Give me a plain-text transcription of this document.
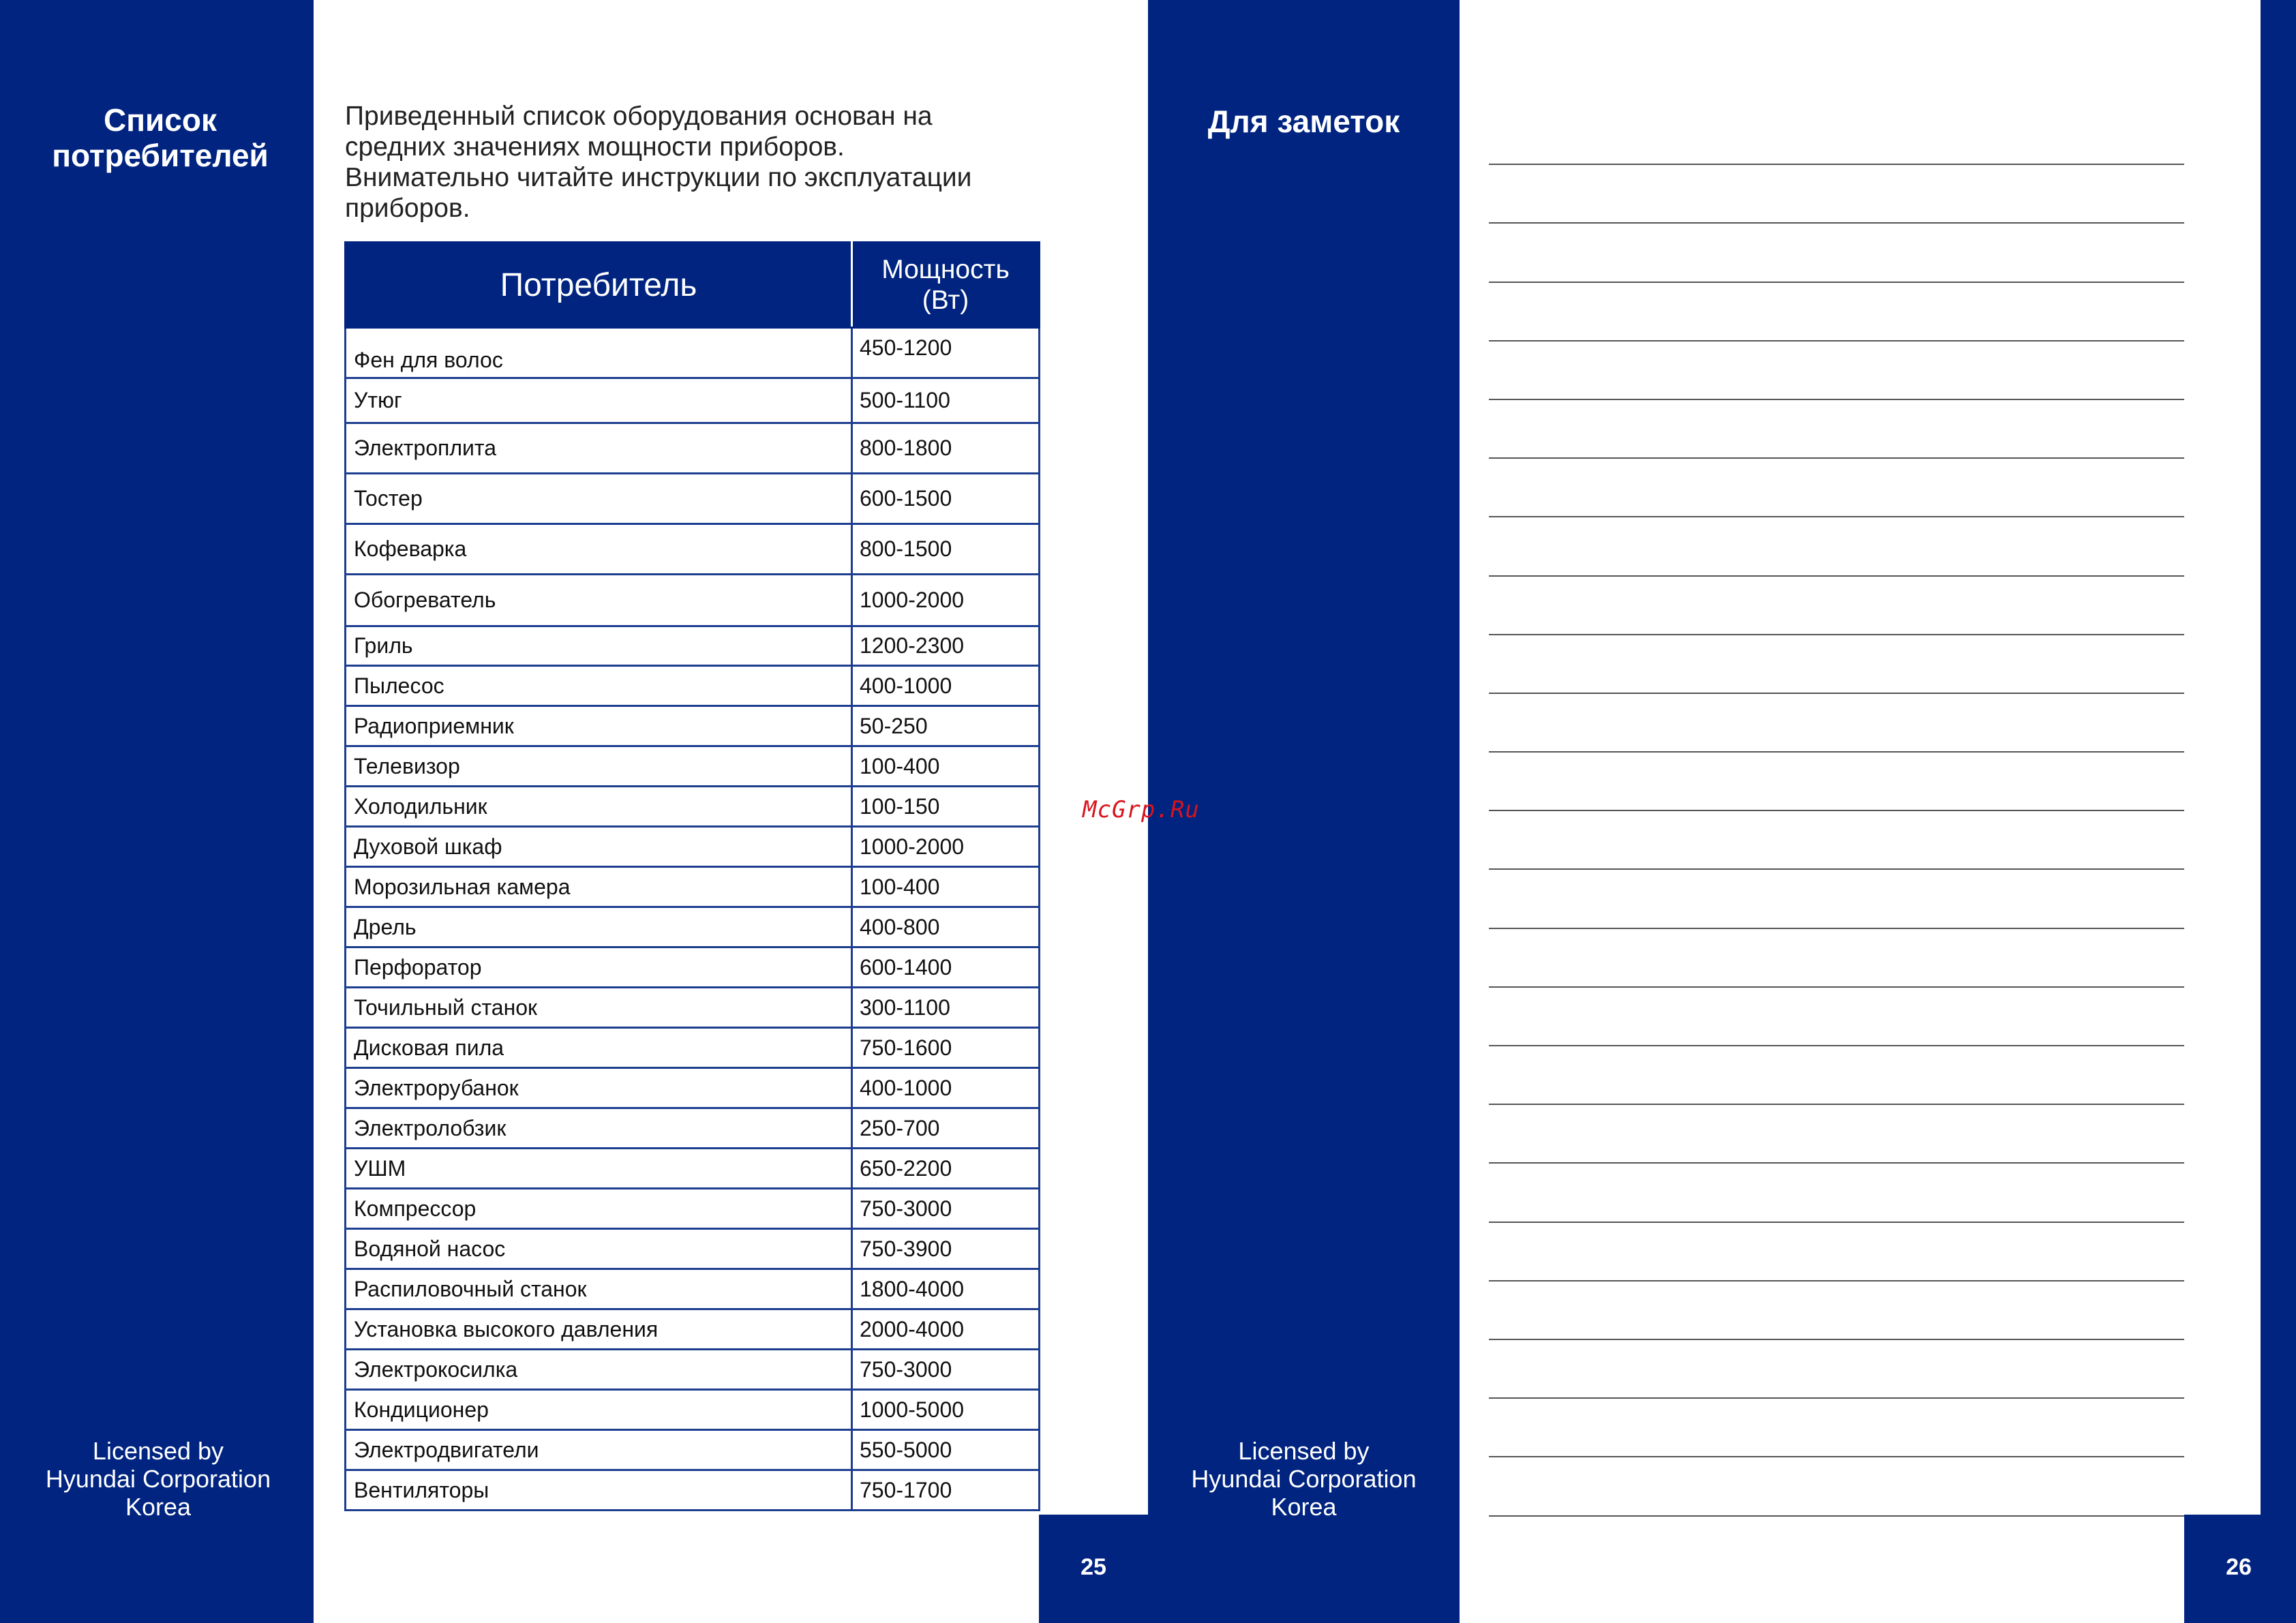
Список
потребителей
Licensed by
Hyundai Corporation
Korea
Приведенный список оборудования основан на
средних значениях мощности приборов.
Внимательно читайте инструкции по эксплуатации
приборов.
Потребитель	Мощность
(Вт)

Фен для волос	450-1200
Утюг	500-1100
Электроплита	800-1800
Тостер	600-1500
Кофеварка	800-1500
Обогреватель	1000-2000
Гриль	1200-2300
Пылесос	400-1000
Радиоприемник	50-250
Телевизор	100-400
Холодильник	100-150
Духовой шкаф	1000-2000
Морозильная камера	100-400
Дрель	400-800
Перфоратор	600-1400
Точильный станок	300-1100
Дисковая пила	750-1600
Электрорубанок	400-1000
Электролобзик	250-700
УШМ	650-2200
Компрессор	750-3000
Водяной насос	750-3900
Распиловочный станок	1800-4000
Установка высокого давления	2000-4000
Электрокосилка	750-3000
Кондиционер	1000-5000
Электродвигатели	550-5000
Вентиляторы	750-1700
25
McGrp.Ru
Для заметок
Licensed by
Hyundai Corporation
Korea
26
